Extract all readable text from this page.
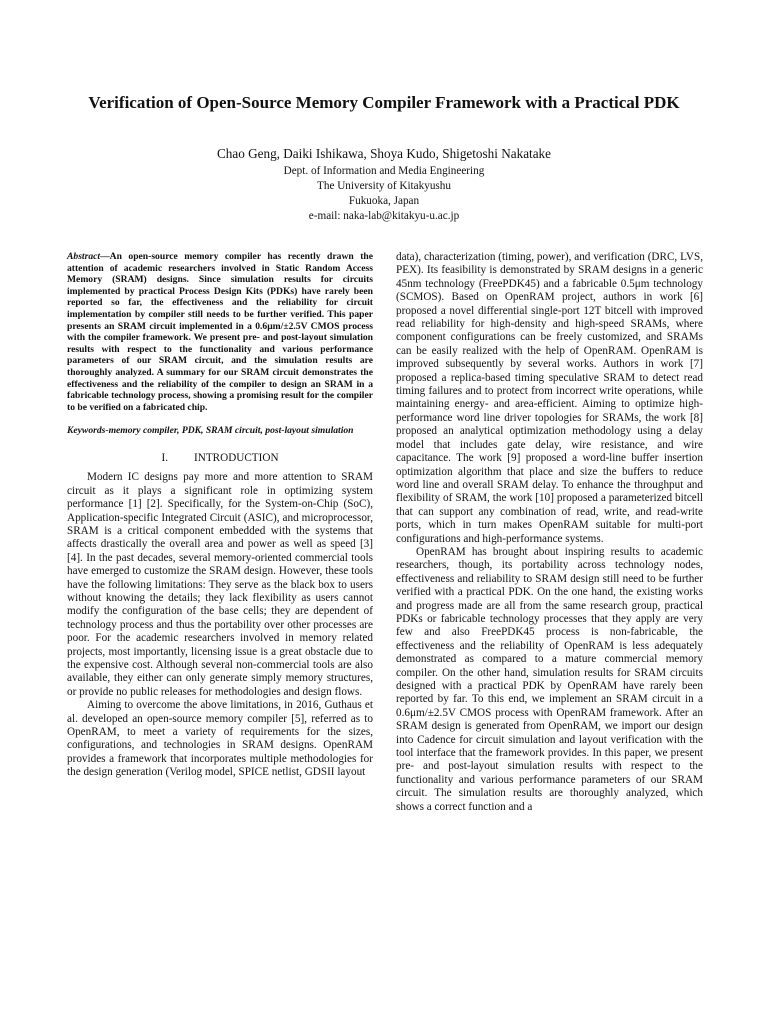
Verification of Open-Source Memory Compiler Framework with a Practical PDK
Chao Geng, Daiki Ishikawa, Shoya Kudo, Shigetoshi Nakatake
Dept. of Information and Media Engineering
The University of Kitakyushu
Fukuoka, Japan
e-mail: naka-lab@kitakyu-u.ac.jp
Abstract—An open-source memory compiler has recently drawn the attention of academic researchers involved in Static Random Access Memory (SRAM) designs. Since simulation results for circuits implemented by practical Process Design Kits (PDKs) have rarely been reported so far, the effectiveness and the reliability for circuit implementation by compiler still needs to be further verified. This paper presents an SRAM circuit implemented in a 0.6μm/±2.5V CMOS process with the compiler framework. We present pre- and post-layout simulation results with respect to the functionality and various performance parameters of our SRAM circuit, and the simulation results are thoroughly analyzed. A summary for our SRAM circuit demonstrates the effectiveness and the reliability of the compiler to design an SRAM in a fabricable technology process, showing a promising result for the compiler to be verified on a fabricated chip.
Keywords-memory compiler, PDK, SRAM circuit, post-layout simulation
I. INTRODUCTION

Modern IC designs pay more and more attention to SRAM circuit as it plays a significant role in optimizing system performance [1] [2]. Specifically, for the System-on-Chip (SoC), Application-specific Integrated Circuit (ASIC), and microprocessor, SRAM is a critical component embedded with the systems that affects drastically the overall area and power as well as speed [3] [4]. In the past decades, several memory-oriented commercial tools have emerged to customize the SRAM design. However, these tools have the following limitations: They serve as the black box to users without knowing the details; they lack flexibility as users cannot modify the configuration of the base cells; they are dependent of technology process and thus the portability over other processes are poor. For the academic researchers involved in memory related projects, most importantly, licensing issue is a great obstacle due to the expensive cost. Although several non-commercial tools are also available, they either can only generate simply memory structures, or provide no public releases for methodologies and design flows.

Aiming to overcome the above limitations, in 2016, Guthaus et al. developed an open-source memory compiler [5], referred as to OpenRAM, to meet a variety of requirements for the sizes, configurations, and technologies in SRAM designs. OpenRAM provides a framework that incorporates multiple methodologies for the design generation (Verilog model, SPICE netlist, GDSII layout

data), characterization (timing, power), and verification (DRC, LVS, PEX). Its feasibility is demonstrated by SRAM designs in a generic 45nm technology (FreePDK45) and a fabricable 0.5μm technology (SCMOS). Based on OpenRAM project, authors in work [6] proposed a novel differential single-port 12T bitcell with improved read reliability for high-density and high-speed SRAMs, where component configurations can be freely customized, and SRAMs can be easily realized with the help of OpenRAM. OpenRAM is improved subsequently by several works. Authors in work [7] proposed a replica-based timing speculative SRAM to detect read timing failures and to protect from incorrect write operations, while maintaining energy- and area-efficient. Aiming to optimize high-performance word line driver topologies for SRAMs, the work [8] proposed an analytical optimization methodology using a delay model that includes gate delay, wire resistance, and wire capacitance. The work [9] proposed a word-line buffer insertion optimization algorithm that place and size the buffers to reduce word line and overall SRAM delay. To enhance the throughput and flexibility of SRAM, the work [10] proposed a parameterized bitcell that can support any combination of read, write, and read-write ports, which in turn makes OpenRAM suitable for multi-port configurations and high-performance systems.

OpenRAM has brought about inspiring results to academic researchers, though, its portability across technology nodes, effectiveness and reliability to SRAM design still need to be further verified with a practical PDK. On the one hand, the existing works and progress made are all from the same research group, practical PDKs or fabricable technology processes that they apply are very few and also FreePDK45 process is non-fabricable, the effectiveness and the reliability of OpenRAM is less adequately demonstrated as compared to a mature commercial memory compiler. On the other hand, simulation results for SRAM circuits designed with a practical PDK by OpenRAM have rarely been reported by far. To this end, we implement an SRAM circuit in a 0.6μm/±2.5V CMOS process with OpenRAM framework. After an SRAM design is generated from OpenRAM, we import our design into Cadence for circuit simulation and layout verification with the tool interface that the framework provides. In this paper, we present pre- and post-layout simulation results with respect to the functionality and various performance parameters of our SRAM circuit. The simulation results are thoroughly analyzed, which shows a correct function and a
